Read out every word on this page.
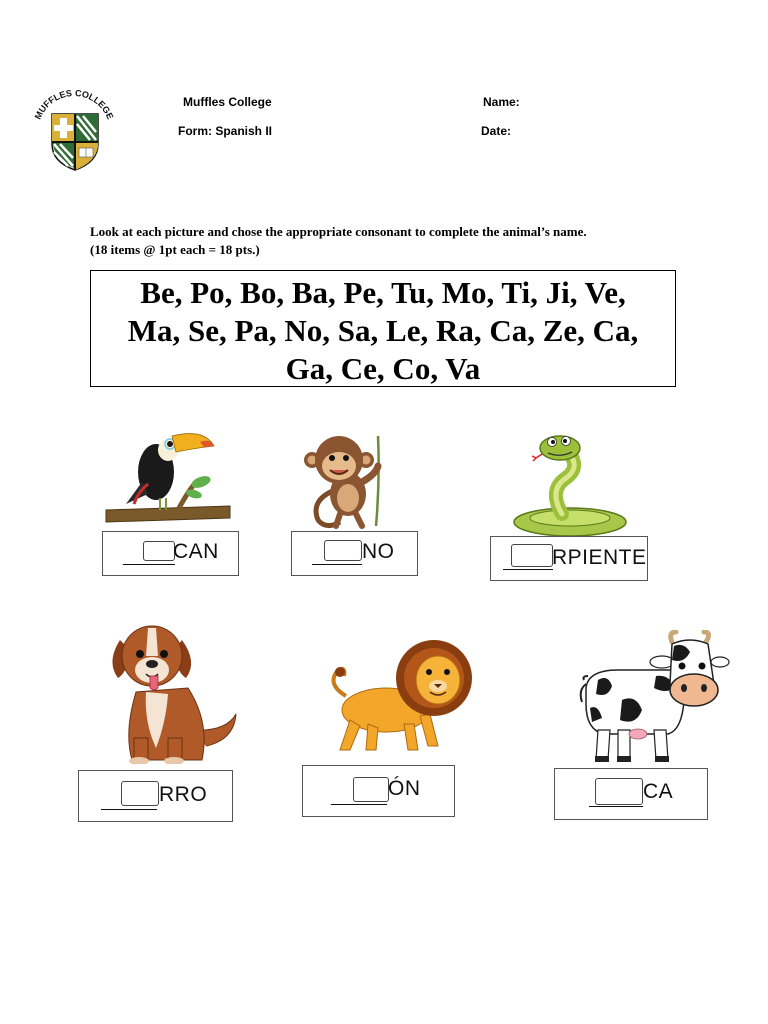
MUFFLES COLLEGE
Muffles College
Form: Spanish II
Name:
Date:
Look at each picture and chose the appropriate consonant to complete the animal’s name.
(18 items @ 1pt each = 18 pts.)
Be, Po, Bo, Ba, Pe, Tu, Mo, Ti, Ji, Ve,
Ma, Se, Pa, No, Sa, Le, Ra, Ca, Ze, Ca,
Ga, Ce, Co, Va
CAN	NO	RPIENTE
RRO	ÓN	CA
